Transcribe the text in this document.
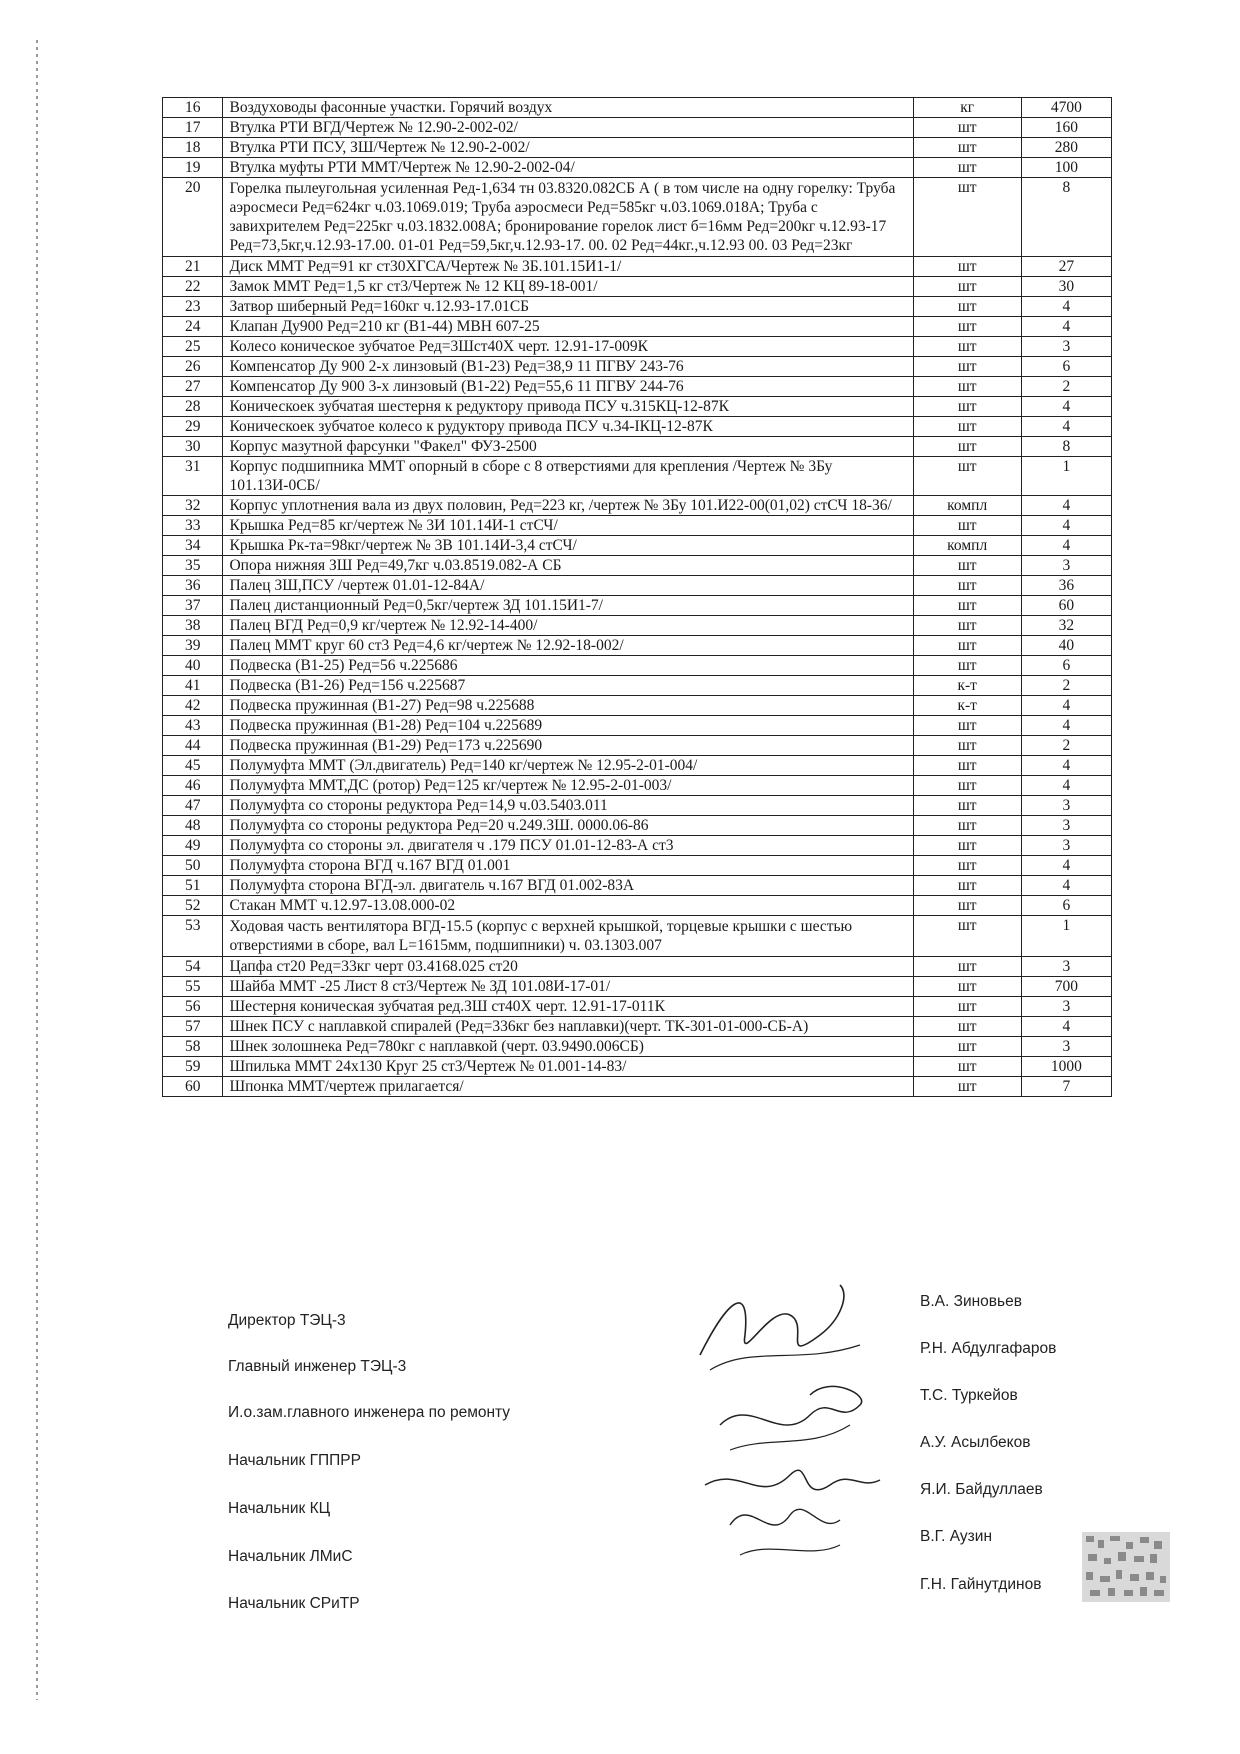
16	Воздуховоды фасонные участки. Горячий воздух	кг	4700
17	Втулка РТИ ВГД/Чертеж № 12.90-2-002-02/	шт	160
18	Втулка РТИ ПСУ, ЗШ/Чертеж № 12.90-2-002/	шт	280
19	Втулка муфты РТИ ММТ/Чертеж № 12.90-2-002-04/	шт	100
20	Горелка пылеугольная усиленная Ред-1,634 тн 03.8320.082СБ А ( в том числе на одну горелку: Труба аэросмеси Ред=624кг ч.03.1069.019; Труба аэросмеси Ред=585кг ч.03.1069.018А; Труба с завихрителем Ред=225кг ч.03.1832.008А; бронирование горелок лист б=16мм Ред=200кг ч.12.93-17 Ред=73,5кг,ч.12.93-17.00. 01-01 Ред=59,5кг,ч.12.93-17. 00. 02 Ред=44кг.,ч.12.93 00. 03 Ред=23кг	шт	8
21	Диск ММТ Ред=91 кг ст30ХГСА/Чертеж № 3Б.101.15И1-1/	шт	27
22	Замок ММТ Ред=1,5 кг ст3/Чертеж № 12 КЦ 89-18-001/	шт	30
23	Затвор шиберный Ред=160кг ч.12.93-17.01СБ	шт	4
24	Клапан Ду900 Ред=210 кг (В1-44) МВН 607-25	шт	4
25	Колесо коническое зубчатое Ред=3Шст40Х черт. 12.91-17-009К	шт	3
26	Компенсатор Ду 900 2-х линзовый (В1-23) Ред=38,9 11 ПГВУ 243-76	шт	6
27	Компенсатор Ду 900 3-х линзовый (В1-22) Ред=55,6 11 ПГВУ 244-76	шт	2
28	Коническоек зубчатая шестерня к редуктору привода ПСУ ч.315КЦ-12-87К	шт	4
29	Коническоек зубчатое колесо к рудуктору привода ПСУ ч.34-IКЦ-12-87К	шт	4
30	Корпус мазутной фарсунки "Факел" ФУЗ-2500	шт	8
31	Корпус подшипника ММТ опорный в сборе с 8 отверстиями для крепления /Чертеж № 3Бу 101.13И-0СБ/	шт	1
32	Корпус уплотнения вала из двух половин, Ред=223 кг, /чертеж № 3Бу 101.И22-00(01,02) стСЧ 18-36/	компл	4
33	Крышка Ред=85 кг/чертеж № 3И 101.14И-1 стСЧ/	шт	4
34	Крышка Рк-та=98кг/чертеж № 3В 101.14И-3,4 стСЧ/	компл	4
35	Опора нижняя ЗШ Ред=49,7кг ч.03.8519.082-А СБ	шт	3
36	Палец ЗШ,ПСУ /чертеж 01.01-12-84А/	шт	36
37	Палец дистанционный Ред=0,5кг/чертеж ЗД 101.15И1-7/	шт	60
38	Палец ВГД Ред=0,9 кг/чертеж № 12.92-14-400/	шт	32
39	Палец ММТ круг 60 ст3 Ред=4,6 кг/чертеж № 12.92-18-002/	шт	40
40	Подвеска (В1-25) Ред=56 ч.225686	шт	6
41	Подвеска (В1-26) Ред=156 ч.225687	к-т	2
42	Подвеска пружинная (В1-27) Ред=98 ч.225688	к-т	4
43	Подвеска пружинная (В1-28) Ред=104 ч.225689	шт	4
44	Подвеска пружинная (В1-29) Ред=173 ч.225690	шт	2
45	Полумуфта ММТ (Эл.двигатель) Ред=140 кг/чертеж № 12.95-2-01-004/	шт	4
46	Полумуфта ММТ,ДС (ротор) Ред=125 кг/чертеж № 12.95-2-01-003/	шт	4
47	Полумуфта со стороны редуктора Ред=14,9 ч.03.5403.011	шт	3
48	Полумуфта со стороны редуктора Ред=20 ч.249.ЗШ. 0000.06-86	шт	3
49	Полумуфта со стороны эл. двигателя ч .179 ПСУ 01.01-12-83-А ст3	шт	3
50	Полумуфта сторона ВГД ч.167 ВГД 01.001	шт	4
51	Полумуфта сторона ВГД-эл. двигатель ч.167 ВГД 01.002-83А	шт	4
52	Стакан ММТ ч.12.97-13.08.000-02	шт	6
53	Ходовая часть вентилятора ВГД-15.5 (корпус с верхней крышкой, торцевые крышки с шестью отверстиями в сборе, вал L=1615мм, подшипники) ч. 03.1303.007	шт	1
54	Цапфа ст20 Ред=33кг черт 03.4168.025 ст20	шт	3
55	Шайба ММТ -25 Лист 8 ст3/Чертеж № ЗД 101.08И-17-01/	шт	700
56	Шестерня коническая зубчатая ред.ЗШ ст40Х черт. 12.91-17-011К	шт	3
57	Шнек ПСУ с наплавкой спиралей (Ред=336кг без наплавки)(черт. ТК-301-01-000-СБ-А)	шт	4
58	Шнек золошнека Ред=780кг с наплавкой (черт. 03.9490.006СБ)	шт	3
59	Шпилька ММТ 24х130 Круг 25 ст3/Чертеж № 01.001-14-83/	шт	1000
60	Шпонка ММТ/чертеж прилагается/	шт	7
Директор ТЭЦ-3
В.А. Зиновьев
Главный инженер ТЭЦ-3
Р.Н. Абдулгафаров
И.о.зам.главного инженера по ремонту
Т.С. Туркейов
Начальник ГППРР
А.У. Асылбеков
Начальник КЦ
Я.И. Байдуллаев
Начальник ЛМиС
В.Г. Аузин
Начальник СРиТР
Г.Н. Гайнутдинов
